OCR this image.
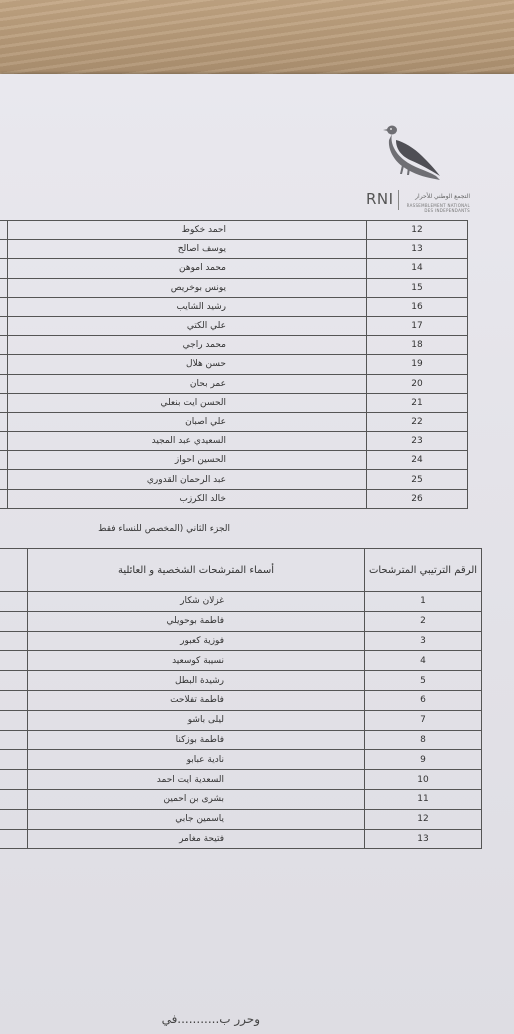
RNI	التجمع الوطني للأحرار
RASSEMBLEMENT NATIONAL DES INDEPENDANTS
	احمد خكوط	12
	يوسف اصالح	13
	محمد اموهن	14
	يونس بوخريص	15
	رشيد الشايب	16
	علي الكتي	17
	محمد راجي	18
	حسن هلال	19
	عمر بحان	20
	الحسن ايت بنعلي	21
	علي اصبان	22
	السعيدي عبد المجيد	23
	الحسين احواز	24
	عبد الرحمان القدوري	25
	خالد الكرزب	26
الجزء الثاني (المخصص للنساء فقط
	أسماء المترشحات الشخصية و العائلية	الرقم الترتيبي المترشحات
	غزلان شكار	1
	فاطمة بوحويلي	2
	فوزية كعبور	3
	نسيبة كوسعيد	4
	رشيدة البطل	5
	فاطمة تفلاحت	6
	ليلى باشو	7
	فاطمة بوزكنا	8
	نادية عبابو	9
	السعدية ايت احمد	10
	بشرى بن احمين	11
	ياسمين جابي	12
	فتيحة مغامر	13
وحرر ب...........في
